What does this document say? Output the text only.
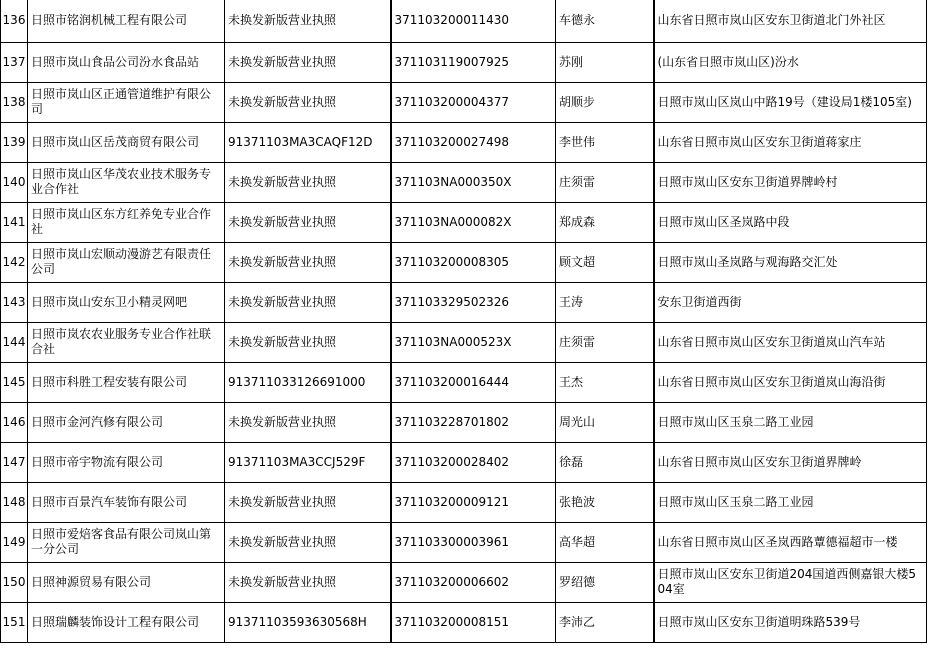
136	日照市铭润机械工程有限公司	未换发新版营业执照	371103200011430	车德永	山东省日照市岚山区安东卫街道北门外社区
137	日照市岚山食品公司汾水食品站	未换发新版营业执照	371103119007925	苏刚	(山东省日照市岚山区)汾水
138	日照市岚山区正通管道维护有限公司	未换发新版营业执照	371103200004377	胡顺步	日照市岚山区岚山中路19号（建设局1楼105室)
139	日照市岚山区岳茂商贸有限公司	91371103MA3CAQF12D	371103200027498	李世伟	山东省日照市岚山区安东卫街道蒋家庄
140	日照市岚山区华茂农业技术服务专业合作社	未换发新版营业执照	371103NA000350X	庄须雷	日照市岚山区安东卫街道界牌岭村
141	日照市岚山区东方红养免专业合作社	未换发新版营业执照	371103NA000082X	郑成森	日照市岚山区圣岚路中段
142	日照市岚山宏顺动漫游艺有限责任公司	未换发新版营业执照	371103200008305	顾文超	日照市岚山圣岚路与观海路交汇处
143	日照市岚山安东卫小精灵网吧	未换发新版营业执照	371103329502326	王涛	安东卫街道西街
144	日照市岚农农业服务专业合作社联合社	未换发新版营业执照	371103NA000523X	庄须雷	山东省日照市岚山区安东卫街道岚山汽车站
145	日照市科胜工程安装有限公司	913711033126691000	371103200016444	王杰	山东省日照市岚山区安东卫街道岚山海沿街
146	日照市金河汽修有限公司	未换发新版营业执照	371103228701802	周光山	日照市岚山区玉泉二路工业园
147	日照市帝宇物流有限公司	91371103MA3CCJ529F	371103200028402	徐磊	山东省日照市岚山区安东卫街道界牌岭
148	日照市百景汽车装饰有限公司	未换发新版营业执照	371103200009121	张艳波	日照市岚山区玉泉二路工业园
149	日照市爱焙客食品有限公司岚山第一分公司	未换发新版营业执照	371103300003961	高华超	山东省日照市岚山区圣岚西路蕈德福超市一楼
150	日照神源贸易有限公司	未换发新版营业执照	371103200006602	罗绍德	日照市岚山区安东卫街道204国道西侧嘉银大楼504室
151	日照瑞麟装饰设计工程有限公司	91371103593630568H	371103200008151	李沛乙	日照市岚山区安东卫街道明珠路539号
